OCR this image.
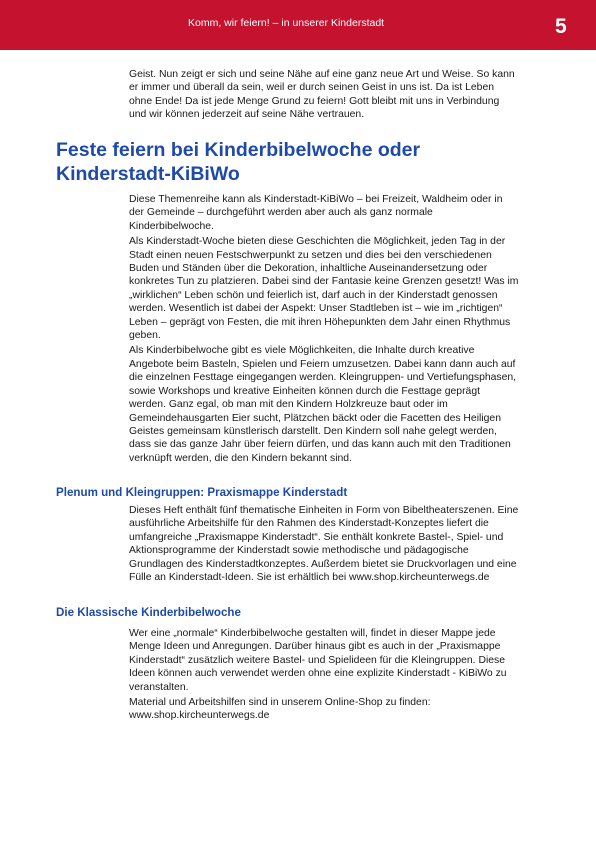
Komm, wir feiern! – in unserer Kinderstadt	5

Geist. Nun zeigt er sich und seine Nähe auf eine ganz neue Art und Weise. So kann er immer und überall da sein, weil er durch seinen Geist in uns ist. Da ist Leben ohne Ende! Da ist jede Menge Grund zu feiern! Gott bleibt mit uns in Verbindung und wir können jederzeit auf seine Nähe vertrauen.

Feste feiern bei Kinderbibelwoche oder Kinderstadt-KiBiWo

Diese Themenreihe kann als Kinderstadt-KiBiWo – bei Freizeit, Waldheim oder in der Gemeinde – durchgeführt werden aber auch als ganz normale Kinderbibelwoche.

Als Kinderstadt-Woche bieten diese Geschichten die Möglichkeit, jeden Tag in der Stadt einen neuen Festschwerpunkt zu setzen und dies bei den verschiedenen Buden und Ständen über die Dekoration, inhaltliche Auseinandersetzung oder konkretes Tun zu platzieren. Dabei sind der Fantasie keine Grenzen gesetzt! Was im „wirklichen“ Leben schön und feierlich ist, darf auch in der Kinderstadt genossen werden. Wesentlich ist dabei der Aspekt: Unser Stadtleben ist – wie im „richtigen“ Leben – geprägt von Festen, die mit ihren Höhepunkten dem Jahr einen Rhythmus geben.

Als Kinderbibelwoche gibt es viele Möglichkeiten, die Inhalte durch kreative Angebote beim Basteln, Spielen und Feiern umzusetzen. Dabei kann dann auch auf die einzelnen Festtage eingegangen werden. Kleingruppen- und Vertiefungsphasen, sowie Workshops und kreative Einheiten können durch die Festtage geprägt werden. Ganz egal, ob man mit den Kindern Holzkreuze baut oder im Gemeindehausgarten Eier sucht, Plätzchen bäckt oder die Facetten des Heiligen Geistes gemeinsam künstlerisch darstellt. Den Kindern soll nahe gelegt werden, dass sie das ganze Jahr über feiern dürfen, und das kann auch mit den Traditionen verknüpft werden, die den Kindern bekannt sind.

Plenum und Kleingruppen: Praxismappe Kinderstadt

Dieses Heft enthält fünf thematische Einheiten in Form von Bibeltheaterszenen. Eine ausführliche Arbeitshilfe für den Rahmen des Kinderstadt-Konzeptes liefert die umfangreiche „Praxismappe Kinderstadt“. Sie enthält konkrete Bastel-, Spiel- und Aktionsprogramme der Kinderstadt sowie methodische und pädagogische Grundlagen des Kinderstadtkonzeptes. Außerdem bietet sie Druckvorlagen und eine Fülle an Kinderstadt-Ideen. Sie ist erhältlich bei www.shop.kircheunterwegs.de

Die Klassische Kinderbibelwoche

Wer eine „normale“ Kinderbibelwoche gestalten will, findet in dieser Mappe jede Menge Ideen und Anregungen. Darüber hinaus gibt es auch in der „Praxismappe Kinderstadt“ zusätzlich weitere Bastel- und Spielideen für die Kleingruppen. Diese Ideen können auch verwendet werden ohne eine explizite Kinderstadt - KiBiWo zu veranstalten.

Material und Arbeitshilfen sind in unserem Online-Shop zu finden: www.shop.kircheunterwegs.de
